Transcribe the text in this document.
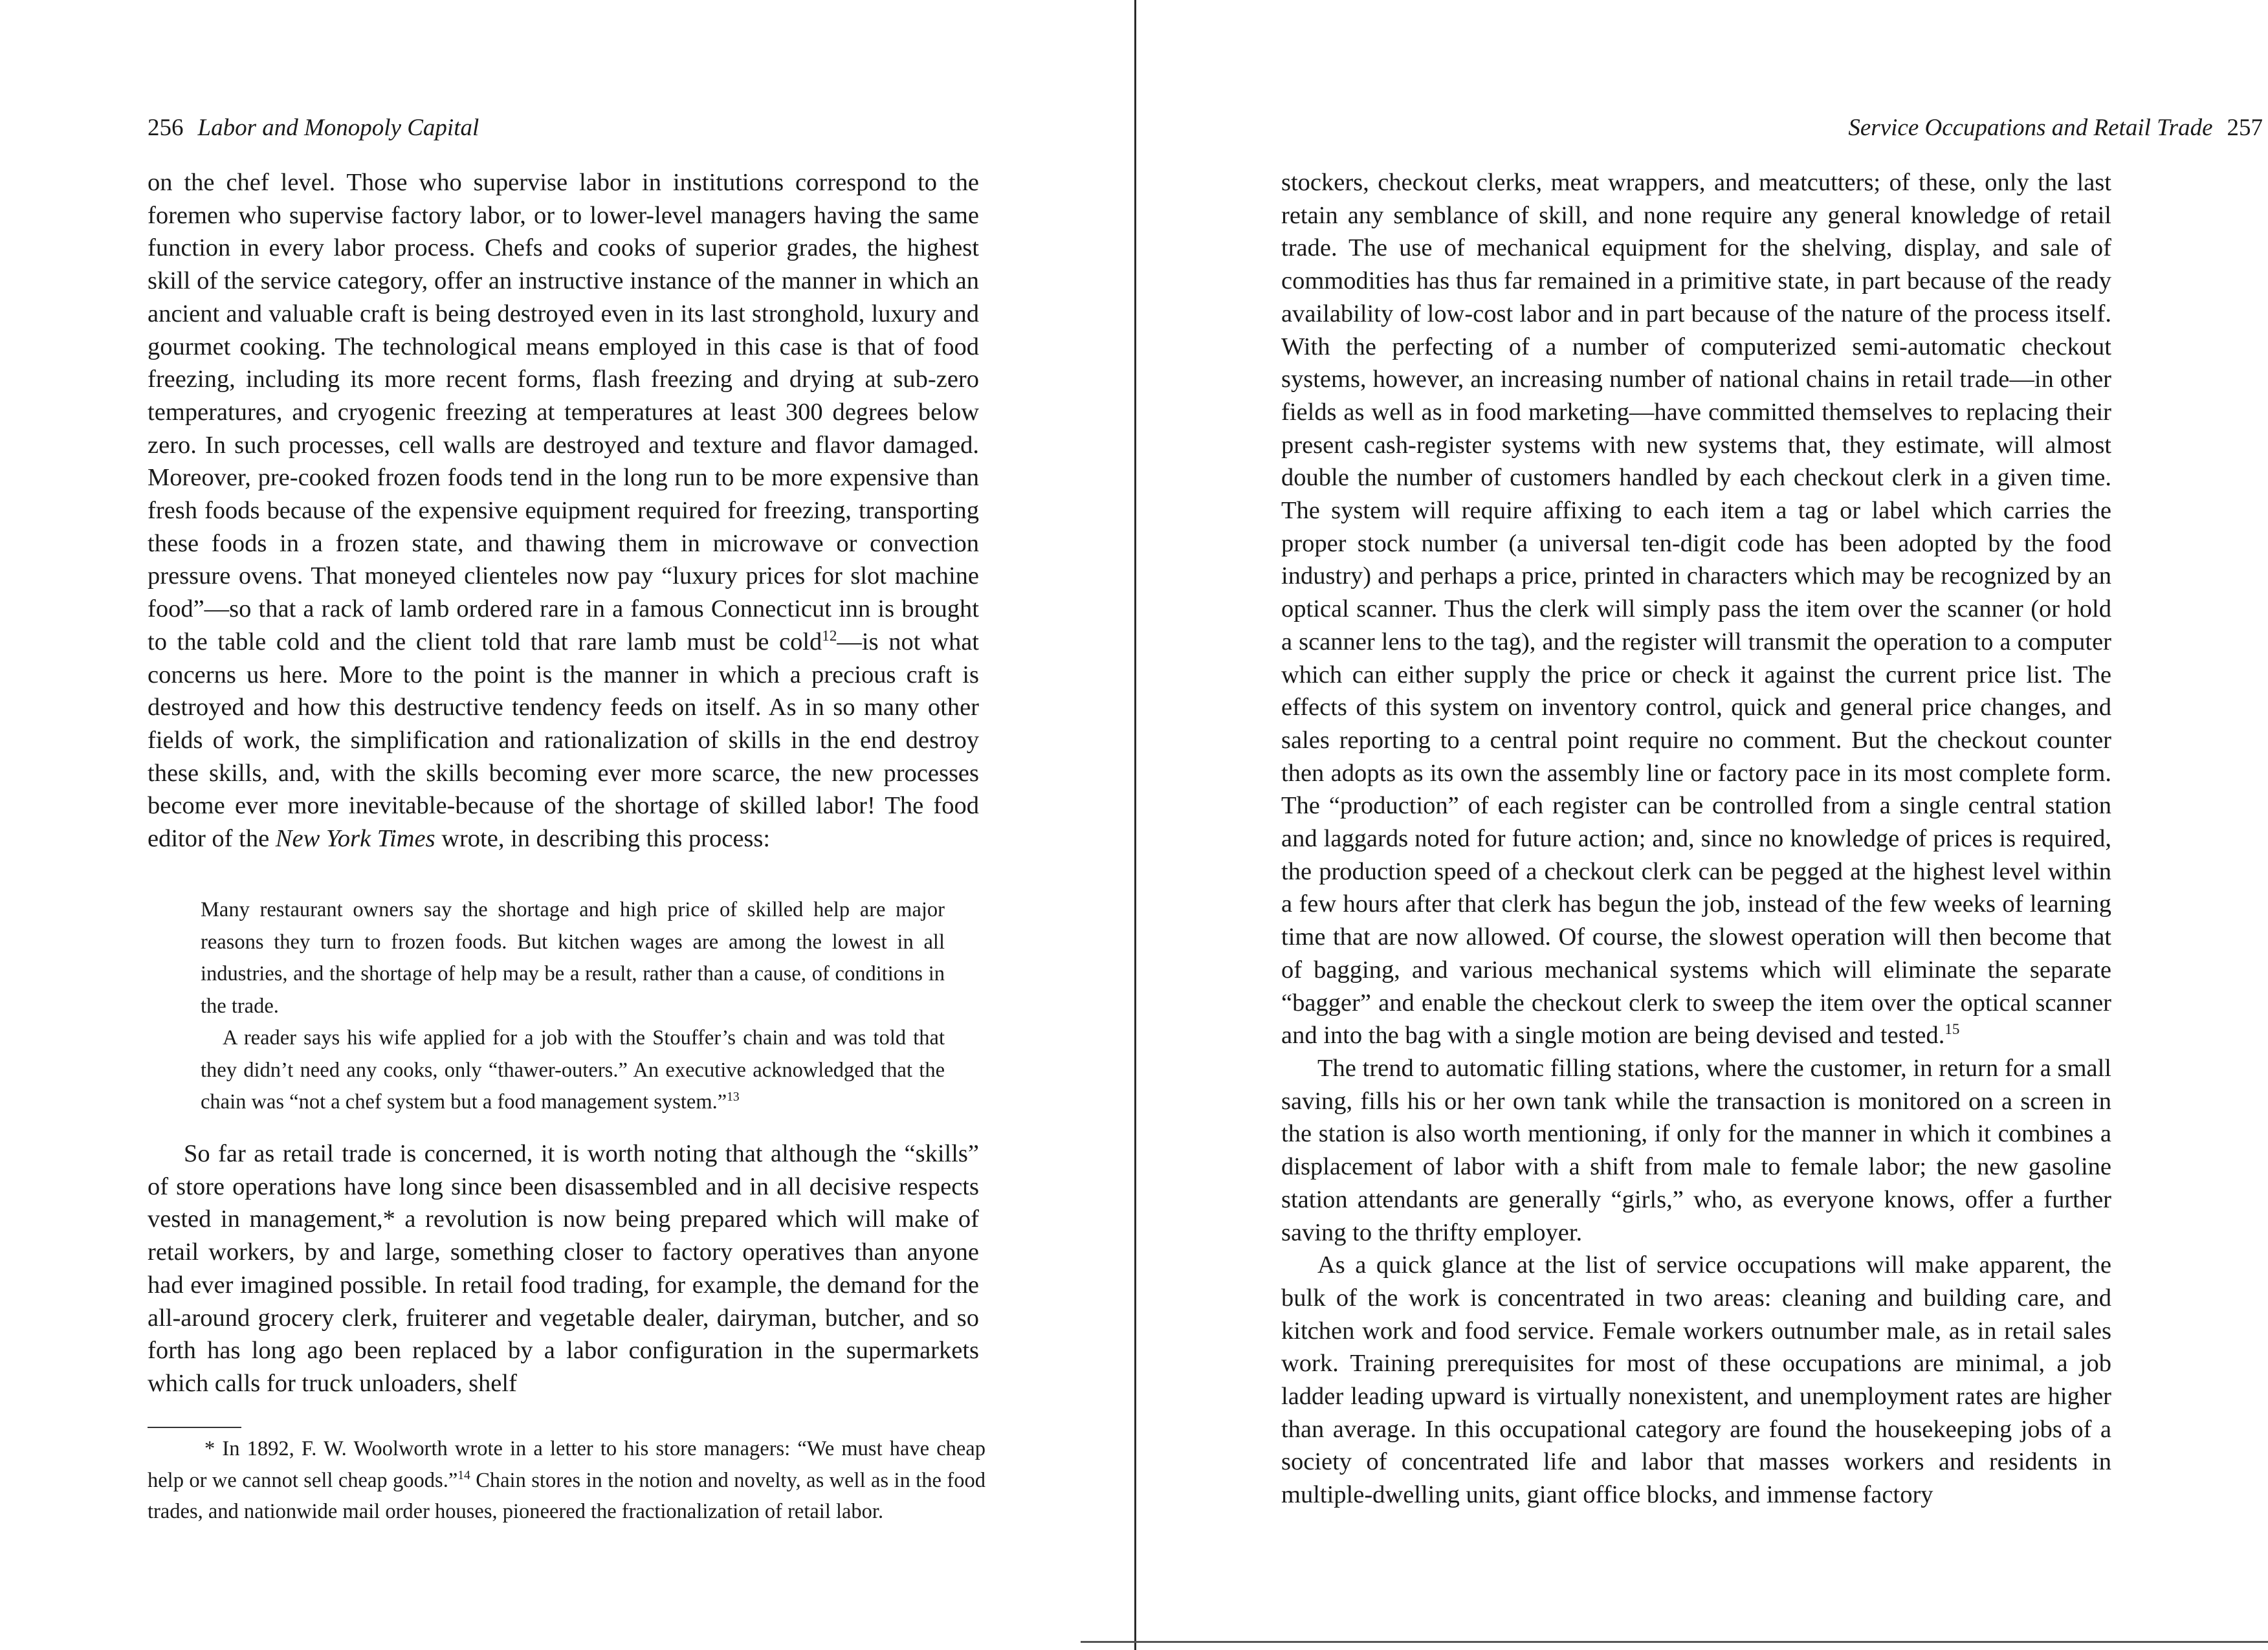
256 Labor and Monopoly Capital

on the chef level. Those who supervise labor in institutions correspond to the foremen who supervise factory labor, or to lower-level managers having the same function in every labor process. Chefs and cooks of superior grades, the highest skill of the service category, offer an instructive instance of the manner in which an ancient and valuable craft is being destroyed even in its last stronghold, luxury and gourmet cooking. The technological means employed in this case is that of food freezing, including its more recent forms, flash freezing and drying at sub-zero temperatures, and cryogenic freezing at temperatures at least 300 degrees below zero. In such processes, cell walls are destroyed and texture and flavor damaged. Moreover, pre-cooked frozen foods tend in the long run to be more expensive than fresh foods because of the expensive equipment required for freezing, transporting these foods in a frozen state, and thawing them in microwave or convection pressure ovens. That moneyed clienteles now pay “luxury prices for slot machine food”—so that a rack of lamb ordered rare in a famous Connecticut inn is brought to the table cold and the client told that rare lamb must be cold$^{12}$—is not what concerns us here. More to the point is the manner in which a precious craft is destroyed and how this destructive tendency feeds on itself. As in so many other fields of work, the simplification and rationalization of skills in the end destroy these skills, and, with the skills becoming ever more scarce, the new processes become ever more inevitable-because of the shortage of skilled labor! The food editor of the New York Times wrote, in describing this process:

Many restaurant owners say the shortage and high price of skilled help are major reasons they turn to frozen foods. But kitchen wages are among the lowest in all industries, and the shortage of help may be a result, rather than a cause, of conditions in the trade.

A reader says his wife applied for a job with the Stouffer’s chain and was told that they didn’t need any cooks, only “thawer-outers.” An executive acknowledged that the chain was “not a chef system but a food management system.”$^{13}$

So far as retail trade is concerned, it is worth noting that although the “skills” of store operations have long since been disassembled and in all decisive respects vested in management,* a revolution is now being prepared which will make of retail workers, by and large, something closer to factory operatives than anyone had ever imagined possible. In retail food trading, for example, the demand for the all-around grocery clerk, fruiterer and vegetable dealer, dairyman, butcher, and so forth has long ago been replaced by a labor configuration in the supermarkets which calls for truck unloaders, shelf

* In 1892, F. W. Woolworth wrote in a letter to his store managers: “We must have cheap help or we cannot sell cheap goods.”$^{14}$ Chain stores in the notion and novelty, as well as in the food trades, and nationwide mail order houses, pioneered the fractionalization of retail labor.

Service Occupations and Retail Trade 257

stockers, checkout clerks, meat wrappers, and meatcutters; of these, only the last retain any semblance of skill, and none require any general knowledge of retail trade. The use of mechanical equipment for the shelving, display, and sale of commodities has thus far remained in a primitive state, in part because of the ready availability of low-cost labor and in part because of the nature of the process itself. With the perfecting of a number of computerized semi-automatic checkout systems, however, an increasing number of national chains in retail trade—in other fields as well as in food marketing—have committed themselves to replacing their present cash-register systems with new systems that, they estimate, will almost double the number of customers handled by each checkout clerk in a given time. The system will require affixing to each item a tag or label which carries the proper stock number (a universal ten-digit code has been adopted by the food industry) and perhaps a price, printed in characters which may be recognized by an optical scanner. Thus the clerk will simply pass the item over the scanner (or hold a scanner lens to the tag), and the register will transmit the operation to a computer which can either supply the price or check it against the current price list. The effects of this system on inventory control, quick and general price changes, and sales reporting to a central point require no comment. But the checkout counter then adopts as its own the assembly line or factory pace in its most complete form. The “production” of each register can be controlled from a single central station and laggards noted for future action; and, since no knowledge of prices is required, the production speed of a checkout clerk can be pegged at the highest level within a few hours after that clerk has begun the job, instead of the few weeks of learning time that are now allowed. Of course, the slowest operation will then become that of bagging, and various mechanical systems which will eliminate the separate “bagger” and enable the checkout clerk to sweep the item over the optical scanner and into the bag with a single motion are being devised and tested.$^{15}$

The trend to automatic filling stations, where the customer, in return for a small saving, fills his or her own tank while the transaction is monitored on a screen in the station is also worth mentioning, if only for the manner in which it combines a displacement of labor with a shift from male to female labor; the new gasoline station attendants are generally “girls,” who, as everyone knows, offer a further saving to the thrifty employer.

As a quick glance at the list of service occupations will make apparent, the bulk of the work is concentrated in two areas: cleaning and building care, and kitchen work and food service. Female workers outnumber male, as in retail sales work. Training prerequisites for most of these occupations are minimal, a job ladder leading upward is virtually nonexistent, and unemployment rates are higher than average. In this occupational category are found the housekeeping jobs of a society of concentrated life and labor that masses workers and residents in multiple-dwelling units, giant office blocks, and immense factory
